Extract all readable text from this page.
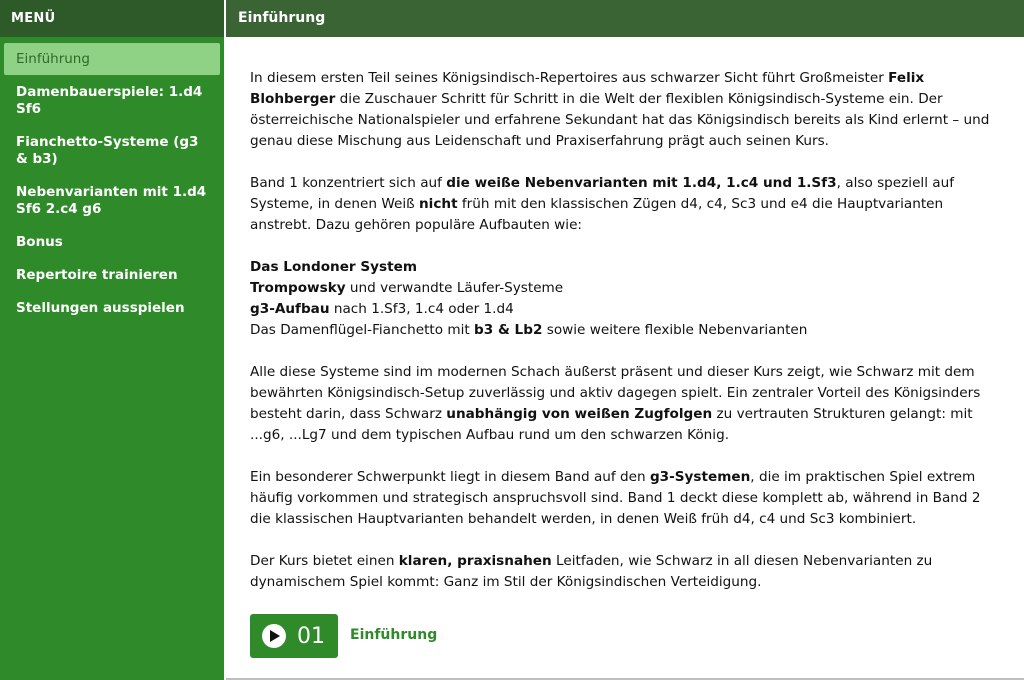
MENÜ	Einführung
Einführung
Damenbauerspiele: 1.d4 Sf6
Fianchetto-Systeme (g3 & b3)
Nebenvarianten mit 1.d4 Sf6 2.c4 g6
Bonus
Repertoire trainieren
Stellungen ausspielen

In diesem ersten Teil seines Königsindisch-Repertoires aus schwarzer Sicht führt Großmeister Felix Blohberger die Zuschauer Schritt für Schritt in die Welt der flexiblen Königsindisch-Systeme ein. Der österreichische Nationalspieler und erfahrene Sekundant hat das Königsindisch bereits als Kind erlernt – und genau diese Mischung aus Leidenschaft und Praxiserfahrung prägt auch seinen Kurs.

Band 1 konzentriert sich auf die weiße Nebenvarianten mit 1.d4, 1.c4 und 1.Sf3, also speziell auf Systeme, in denen Weiß nicht früh mit den klassischen Zügen d4, c4, Sc3 und e4 die Hauptvarianten anstrebt. Dazu gehören populäre Aufbauten wie:

Das Londoner System
Trompowsky und verwandte Läufer-Systeme
g3-Aufbau nach 1.Sf3, 1.c4 oder 1.d4
Das Damenflügel-Fianchetto mit b3 & Lb2 sowie weitere flexible Nebenvarianten

Alle diese Systeme sind im modernen Schach äußerst präsent und dieser Kurs zeigt, wie Schwarz mit dem bewährten Königsindisch-Setup zuverlässig und aktiv dagegen spielt. Ein zentraler Vorteil des Königsinders besteht darin, dass Schwarz unabhängig von weißen Zugfolgen zu vertrauten Strukturen gelangt: mit ...g6, ...Lg7 und dem typischen Aufbau rund um den schwarzen König.

Ein besonderer Schwerpunkt liegt in diesem Band auf den g3-Systemen, die im praktischen Spiel extrem häufig vorkommen und strategisch anspruchsvoll sind. Band 1 deckt diese komplett ab, während in Band 2 die klassischen Hauptvarianten behandelt werden, in denen Weiß früh d4, c4 und Sc3 kombiniert.

Der Kurs bietet einen klaren, praxisnahen Leitfaden, wie Schwarz in all diesen Nebenvarianten zu dynamischem Spiel kommt: Ganz im Stil der Königsindischen Verteidigung.

01 Einführung
